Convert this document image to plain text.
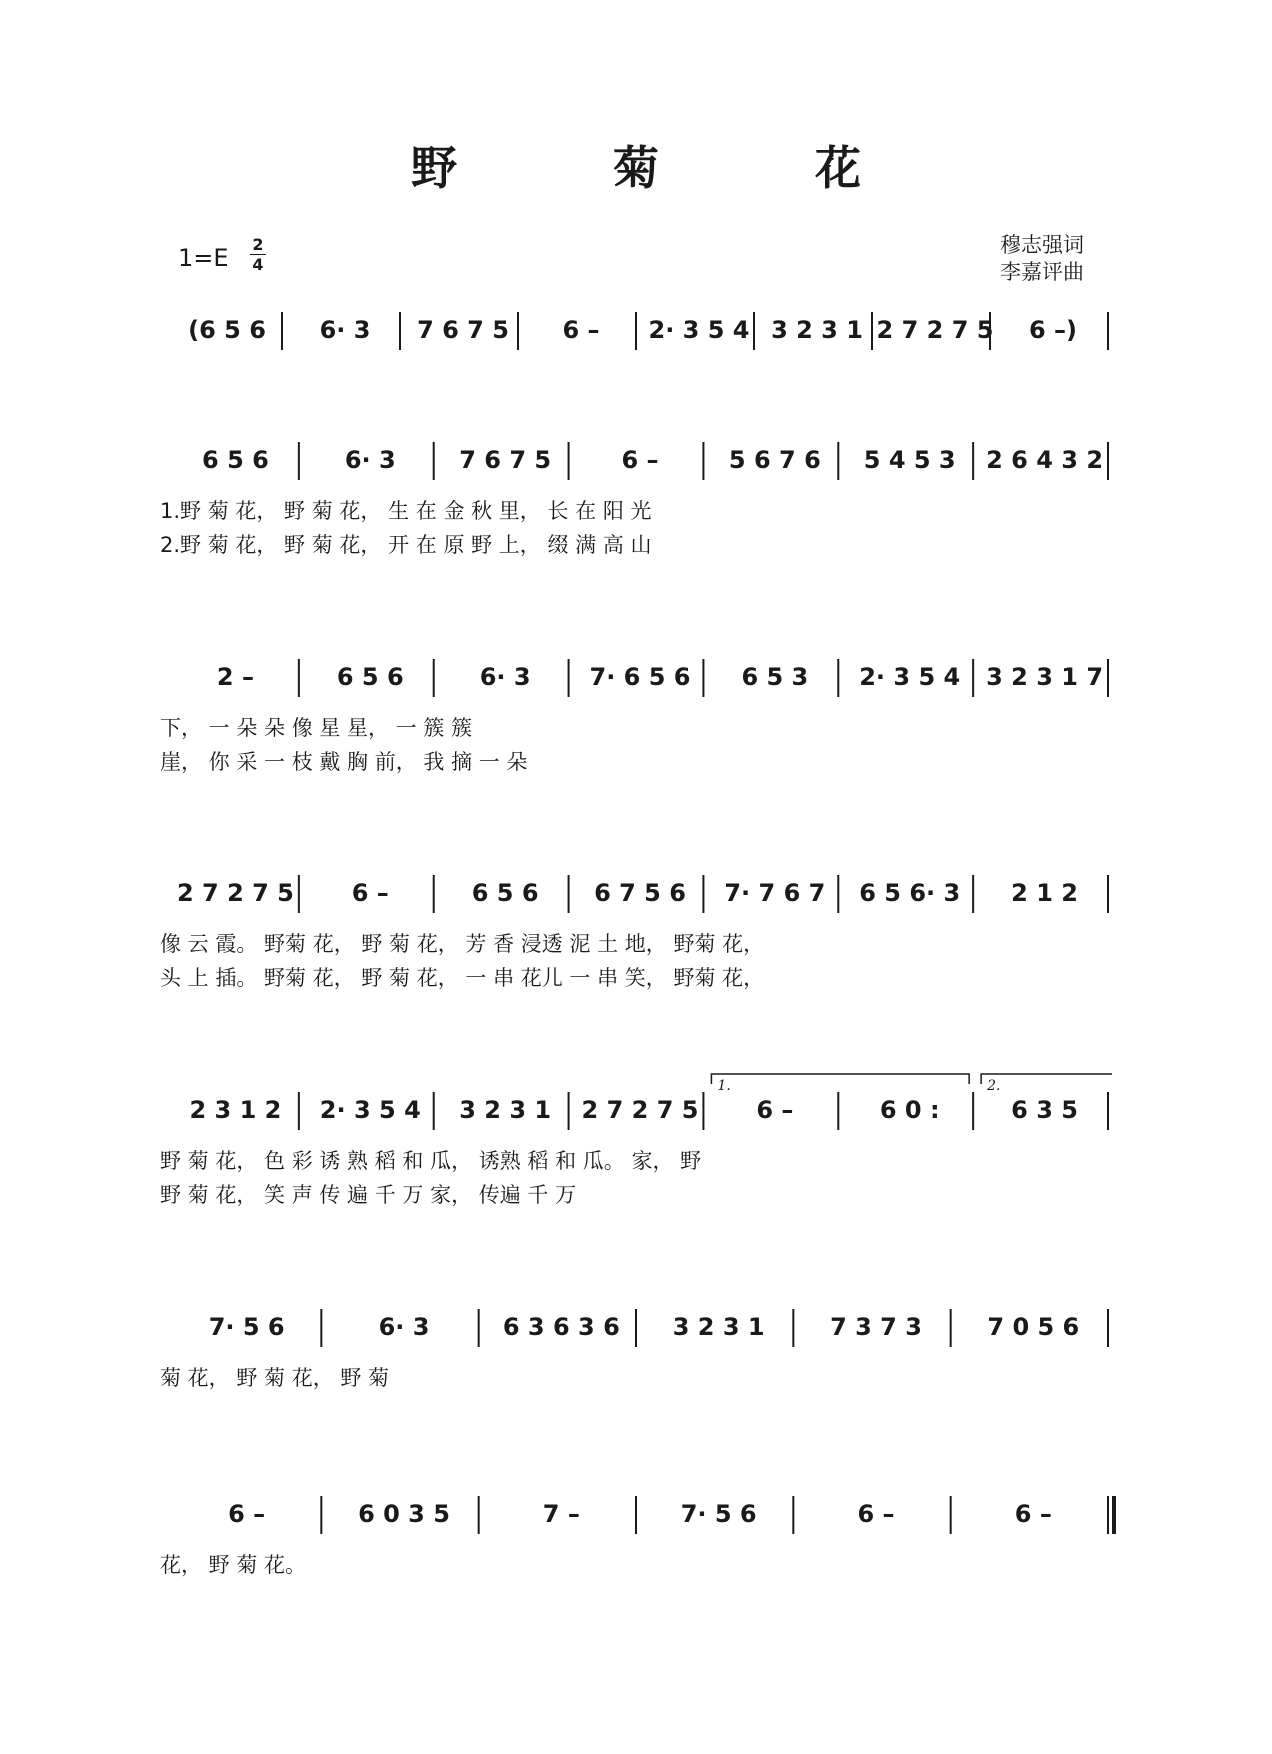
野 菊 花
1=E 2
4
穆志强词
李嘉评曲
(6 5 6 6· 3 7 6 7 5 6 – 2· 3 5 4 3 2 3 1 2 7 2 7 5 6 –)
6 5 6	6· 3	7 6 7 5	6 –	5 6 7 6 5 4 5 3 2 6 4 3 2
1.野 菊 花， 野 菊 花， 生 在 金 秋 里， 长 在 阳 光
2.野 菊 花， 野 菊 花， 开 在 原 野 上， 缀 满 高 山
2 –	6 5 6	6· 3 7· 6 5 6 6 5 3 2· 3 5 4 3 2 3 1 7
下， 一 朵 朵 像 星 星， 一 簇 簇
崖， 你 采 一 枝 戴 胸 前， 我 摘 一 朵
2 7 2 7 5 6 –	6 5 6 6 7 5 6 7· 7 6 7 6 5 6· 3 2 1 2
像 云 霞。 野菊 花， 野 菊 花， 芳 香 浸透 泥 土 地， 野菊 花，
头 上 插。 野菊 花， 野 菊 花， 一 串 花儿 一 串 笑， 野菊 花，
2 3 1 2 2· 3 5 4 3 2 3 1 2 7 2 7 5 6 –	6 0 :	6 3 5
1.	2.
野 菊 花， 色 彩 诱 熟 稻 和 瓜， 诱熟 稻 和 瓜。 家， 野
野 菊 花， 笑 声 传 遍 千 万 家， 传遍 千 万
7· 5 6	6· 3	6 3 6 3 6 3 2 3 1	7 3 7 3	7 0 5 6
菊 花， 野 菊 花， 野 菊
6 –	6 0 3 5	7 –	7· 5 6	6 –	6 –
花， 野 菊 花。
